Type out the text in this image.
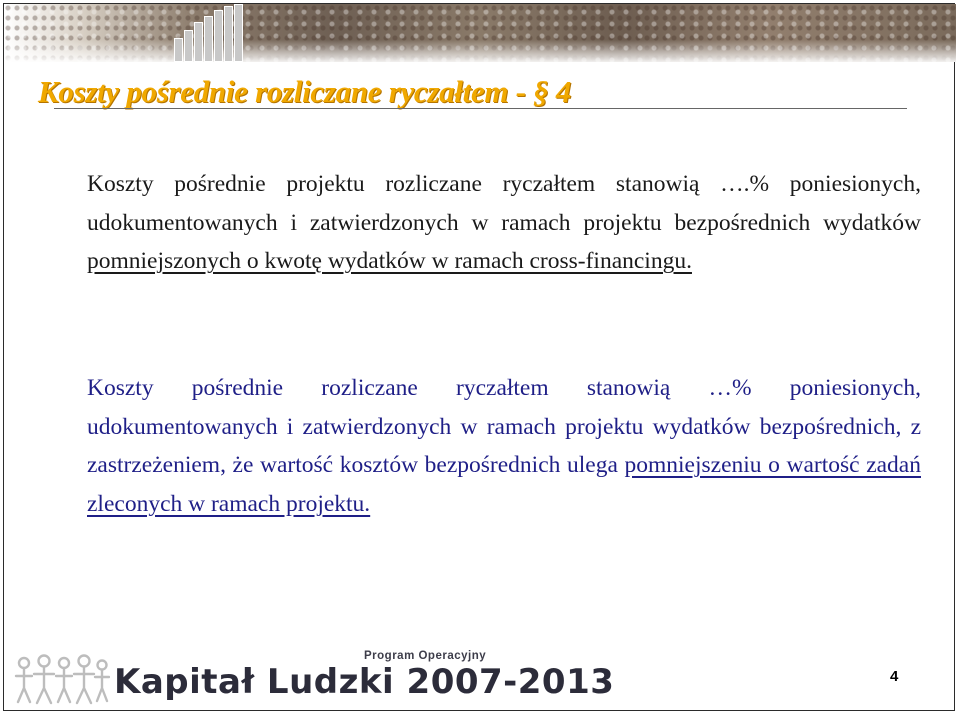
Koszty pośrednie rozliczane ryczałtem - § 4

Koszty pośrednie projektu rozliczane ryczałtem stanowią ….% poniesionych, udokumentowanych i zatwierdzonych w ramach projektu bezpośrednich wydatków pomniejszonych o kwotę wydatków w ramach cross-financingu.

Koszty pośrednie rozliczane ryczałtem stanowią …% poniesionych, udokumentowanych i zatwierdzonych w ramach projektu wydatków bezpośrednich, z zastrzeżeniem, że wartość kosztów bezpośrednich ulega pomniejszeniu o wartość zadań zleconych w ramach projektu.

Program Operacyjny
Kapitał Ludzki 2007-2013	4
